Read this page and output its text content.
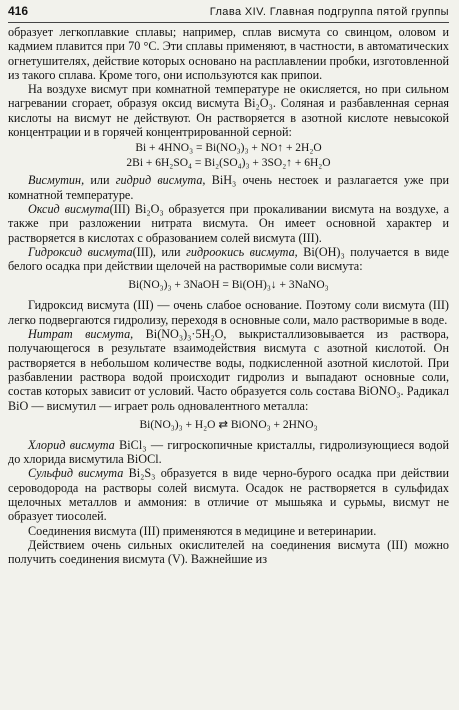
416	Глава XIV. Главная подгруппа пятой группы

образует легкоплавкие сплавы; например, сплав висмута со свинцом, оловом и кадмием плавится при 70 °С. Эти сплавы применяют, в частности, в автоматических огнетушителях, действие которых основано на расплавлении пробки, изготовленной из такого сплава. Кроме того, они используются как припои.

На воздухе висмут при комнатной температуре не окисляется, но при сильном нагревании сгорает, образуя оксид висмута Bi₂O₃. Соляная и разбавленная серная кислоты на висмут не действуют. Он растворяется в азотной кислоте невысокой концентрации и в горячей концентрированной серной:

Bi + 4HNO₃ = Bi(NO₃)₃ + NO↑ + 2H₂O
2Bi + 6H₂SO₄ = Bi₂(SO₄)₃ + 3SO₂↑ + 6H₂O

Висмутин, или гидрид висмута, BiH₃ очень нестоек и разлагается уже при комнатной температуре.

Оксид висмута(III) Bi₂O₃ образуется при прокаливании висмута на воздухе, а также при разложении нитрата висмута. Он имеет основной характер и растворяется в кислотах с образованием солей висмута (III).

Гидроксид висмута(III), или гидроокись висмута, Bi(OH)₃ получается в виде белого осадка при действии щелочей на растворимые соли висмута:

Bi(NO₃)₃ + 3NaOH = Bi(OH)₃↓ + 3NaNO₃

Гидроксид висмута (III) — очень слабое основание. Поэтому соли висмута (III) легко подвергаются гидролизу, переходя в основные соли, мало растворимые в воде.

Нитрат висмута, Bi(NO₃)₃·5H₂O, выкристаллизовывается из раствора, получающегося в результате взаимодействия висмута с азотной кислотой. Он растворяется в небольшом количестве воды, подкисленной азотной кислотой. При разбавлении раствора водой происходит гидролиз и выпадают основные соли, состав которых зависит от условий. Часто образуется соль состава BiONO₃. Радикал BiO — висмутил — играет роль одновалентного металла:

Bi(NO₃)₃ + H₂O ⇄ BiONO₃ + 2HNO₃

Хлорид висмута BiCl₃ — гигроскопичные кристаллы, гидролизующиеся водой до хлорида висмутила BiOCl.

Сульфид висмута Bi₂S₃ образуется в виде черно-бурого осадка при действии сероводорода на растворы солей висмута. Осадок не растворяется в сульфидах щелочных металлов и аммония: в отличие от мышьяка и сурьмы, висмут не образует тиосолей.

Соединения висмута (III) применяются в медицине и ветеринарии.

Действием очень сильных окислителей на соединения висмута (III) можно получить соединения висмута (V). Важнейшие из
